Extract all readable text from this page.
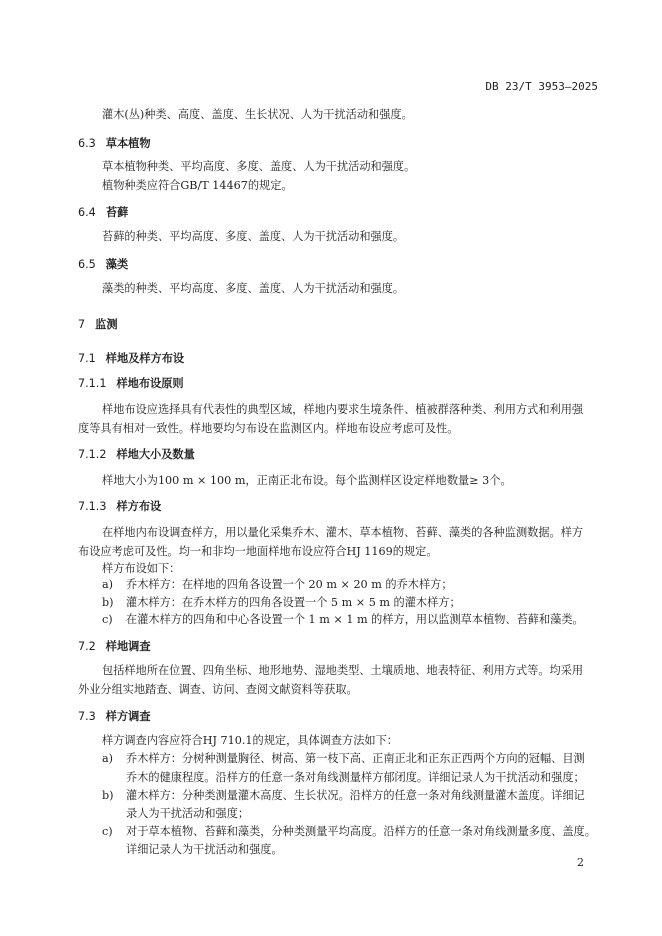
DB 23/T 3953—2025
灌木(丛)种类、高度、盖度、生长状况、人为干扰活动和强度。
6.3 草本植物
草本植物种类、平均高度、多度、盖度、人为干扰活动和强度。
植物种类应符合GB/T 14467的规定。
6.4 苔藓
苔藓的种类、平均高度、多度、盖度、人为干扰活动和强度。
6.5 藻类
藻类的种类、平均高度、多度、盖度、人为干扰活动和强度。
7 监测
7.1 样地及样方布设
7.1.1 样地布设原则
样地布设应选择具有代表性的典型区域，样地内要求生境条件、植被群落种类、利用方式和利用强
度等具有相对一致性。样地要均匀布设在监测区内。样地布设应考虑可及性。
7.1.2 样地大小及数量
样地大小为100 m × 100 m，正南正北布设。每个监测样区设定样地数量≥ 3个。
7.1.3 样方布设
在样地内布设调查样方，用以量化采集乔木、灌木、草本植物、苔藓、藻类的各种监测数据。样方
布设应考虑可及性。均一和非均一地面样地布设应符合HJ 1169的规定。
样方布设如下：
a) 乔木样方：在样地的四角各设置一个 20 m × 20 m 的乔木样方；
b) 灌木样方：在乔木样方的四角各设置一个 5 m × 5 m 的灌木样方；
c) 在灌木样方的四角和中心各设置一个 1 m × 1 m 的样方，用以监测草本植物、苔藓和藻类。
7.2 样地调查
包括样地所在位置、四角坐标、地形地势、湿地类型、土壤质地、地表特征、利用方式等。均采用
外业分组实地踏查、调查、访问、查阅文献资料等获取。
7.3 样方调查
样方调查内容应符合HJ 710.1的规定，具体调查方法如下：
a) 乔木样方：分树种测量胸径、树高、第一枝下高、正南正北和正东正西两个方向的冠幅、目测
乔木的健康程度。沿样方的任意一条对角线测量样方郁闭度。详细记录人为干扰活动和强度；
b) 灌木样方：分种类测量灌木高度、生长状况。沿样方的任意一条对角线测量灌木盖度。详细记
录人为干扰活动和强度；
c) 对于草本植物、苔藓和藻类，分种类测量平均高度。沿样方的任意一条对角线测量多度、盖度。
详细记录人为干扰活动和强度。
2
